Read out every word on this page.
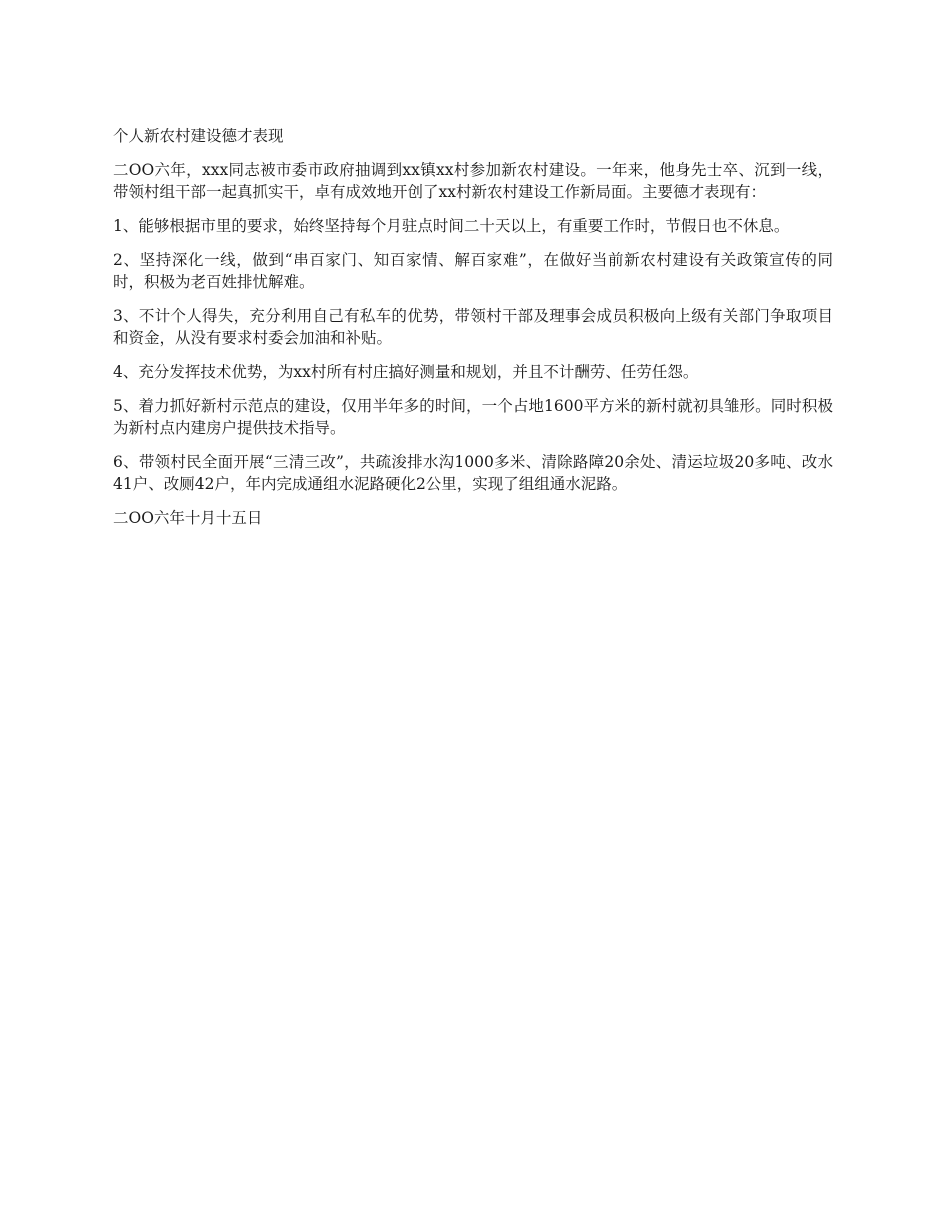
个人新农村建设德才表现

二OO六年，xxx同志被市委市政府抽调到xx镇xx村参加新农村建设。一年来，他身先士卒、沉到一线，带领村组干部一起真抓实干，卓有成效地开创了xx村新农村建设工作新局面。主要德才表现有：

1、能够根据市里的要求，始终坚持每个月驻点时间二十天以上，有重要工作时，节假日也不休息。

2、坚持深化一线，做到“串百家门、知百家情、解百家难”，在做好当前新农村建设有关政策宣传的同时，积极为老百姓排忧解难。

3、不计个人得失，充分利用自己有私车的优势，带领村干部及理事会成员积极向上级有关部门争取项目和资金，从没有要求村委会加油和补贴。

4、充分发挥技术优势，为xx村所有村庄搞好测量和规划，并且不计酬劳、任劳任怨。

5、着力抓好新村示范点的建设，仅用半年多的时间，一个占地1600平方米的新村就初具雏形。同时积极为新村点内建房户提供技术指导。

6、带领村民全面开展“三清三改”，共疏浚排水沟1000多米、清除路障20余处、清运垃圾20多吨、改水41户、改厕42户，年内完成通组水泥路硬化2公里，实现了组组通水泥路。

二OO六年十月十五日
